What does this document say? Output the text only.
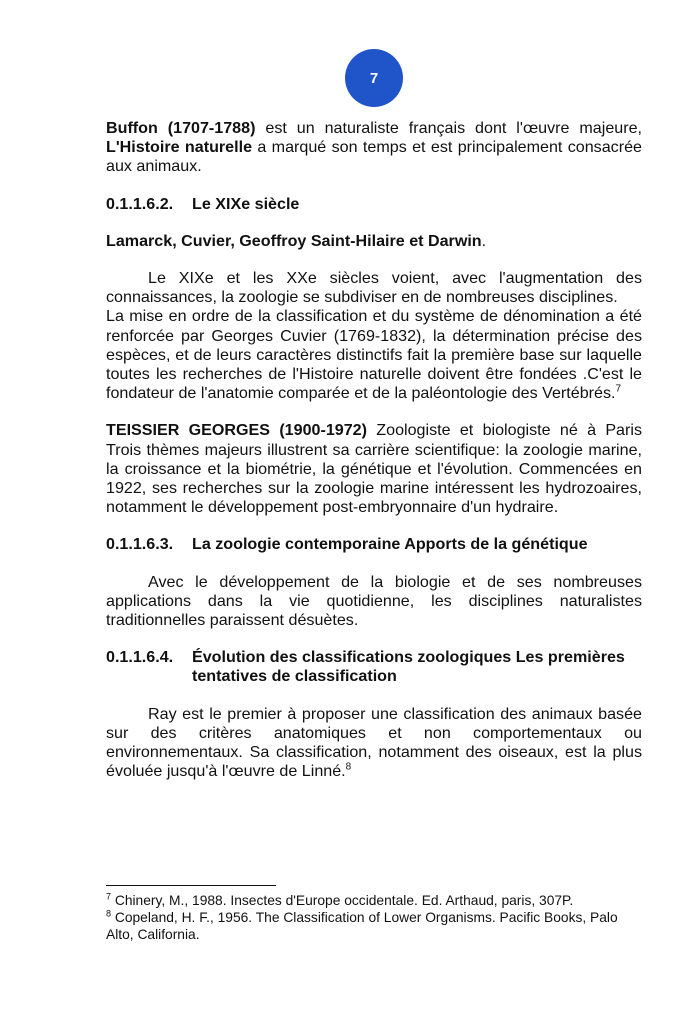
7

Buffon (1707-1788) est un naturaliste français dont l'œuvre majeure, L'Histoire naturelle a marqué son temps et est principalement consacrée aux animaux.

0.1.1.6.2.	Le XIXe siècle

Lamarck, Cuvier, Geoffroy Saint-Hilaire et Darwin.

Le XIXe et les XXe siècles voient, avec l'augmentation des connaissances, la zoologie se subdiviser en de nombreuses disciplines.

La mise en ordre de la classification et du système de dénomination a été renforcée par Georges Cuvier (1769-1832), la détermination précise des espèces, et de leurs caractères distinctifs fait la première base sur laquelle toutes les recherches de l'Histoire naturelle doivent être fondées .C'est le fondateur de l'anatomie comparée et de la paléontologie des Vertébrés.$^7$

TEISSIER GEORGES (1900-1972) Zoologiste et biologiste né à Paris Trois thèmes majeurs illustrent sa carrière scientifique: la zoologie marine, la croissance et la biométrie, la génétique et l'évolution. Commencées en 1922, ses recherches sur la zoologie marine intéressent les hydrozoaires, notamment le développement post-embryonnaire d'un hydraire.

0.1.1.6.3.	La zoologie contemporaine Apports de la génétique

Avec le développement de la biologie et de ses nombreuses applications dans la vie quotidienne, les disciplines naturalistes traditionnelles paraissent désuètes.

0.1.1.6.4.	Évolution des classifications zoologiques Les premières tentatives de classification

Ray est le premier à proposer une classification des animaux basée sur des critères anatomiques et non comportementaux ou environnementaux. Sa classification, notamment des oiseaux, est la plus évoluée jusqu'à l'œuvre de Linné.$^8$

$^7$ Chinery, M., 1988. Insectes d'Europe occidentale. Ed. Arthaud, paris, 307P.

$^8$ Copeland, H. F., 1956. The Classification of Lower Organisms. Pacific Books, Palo Alto, California.
